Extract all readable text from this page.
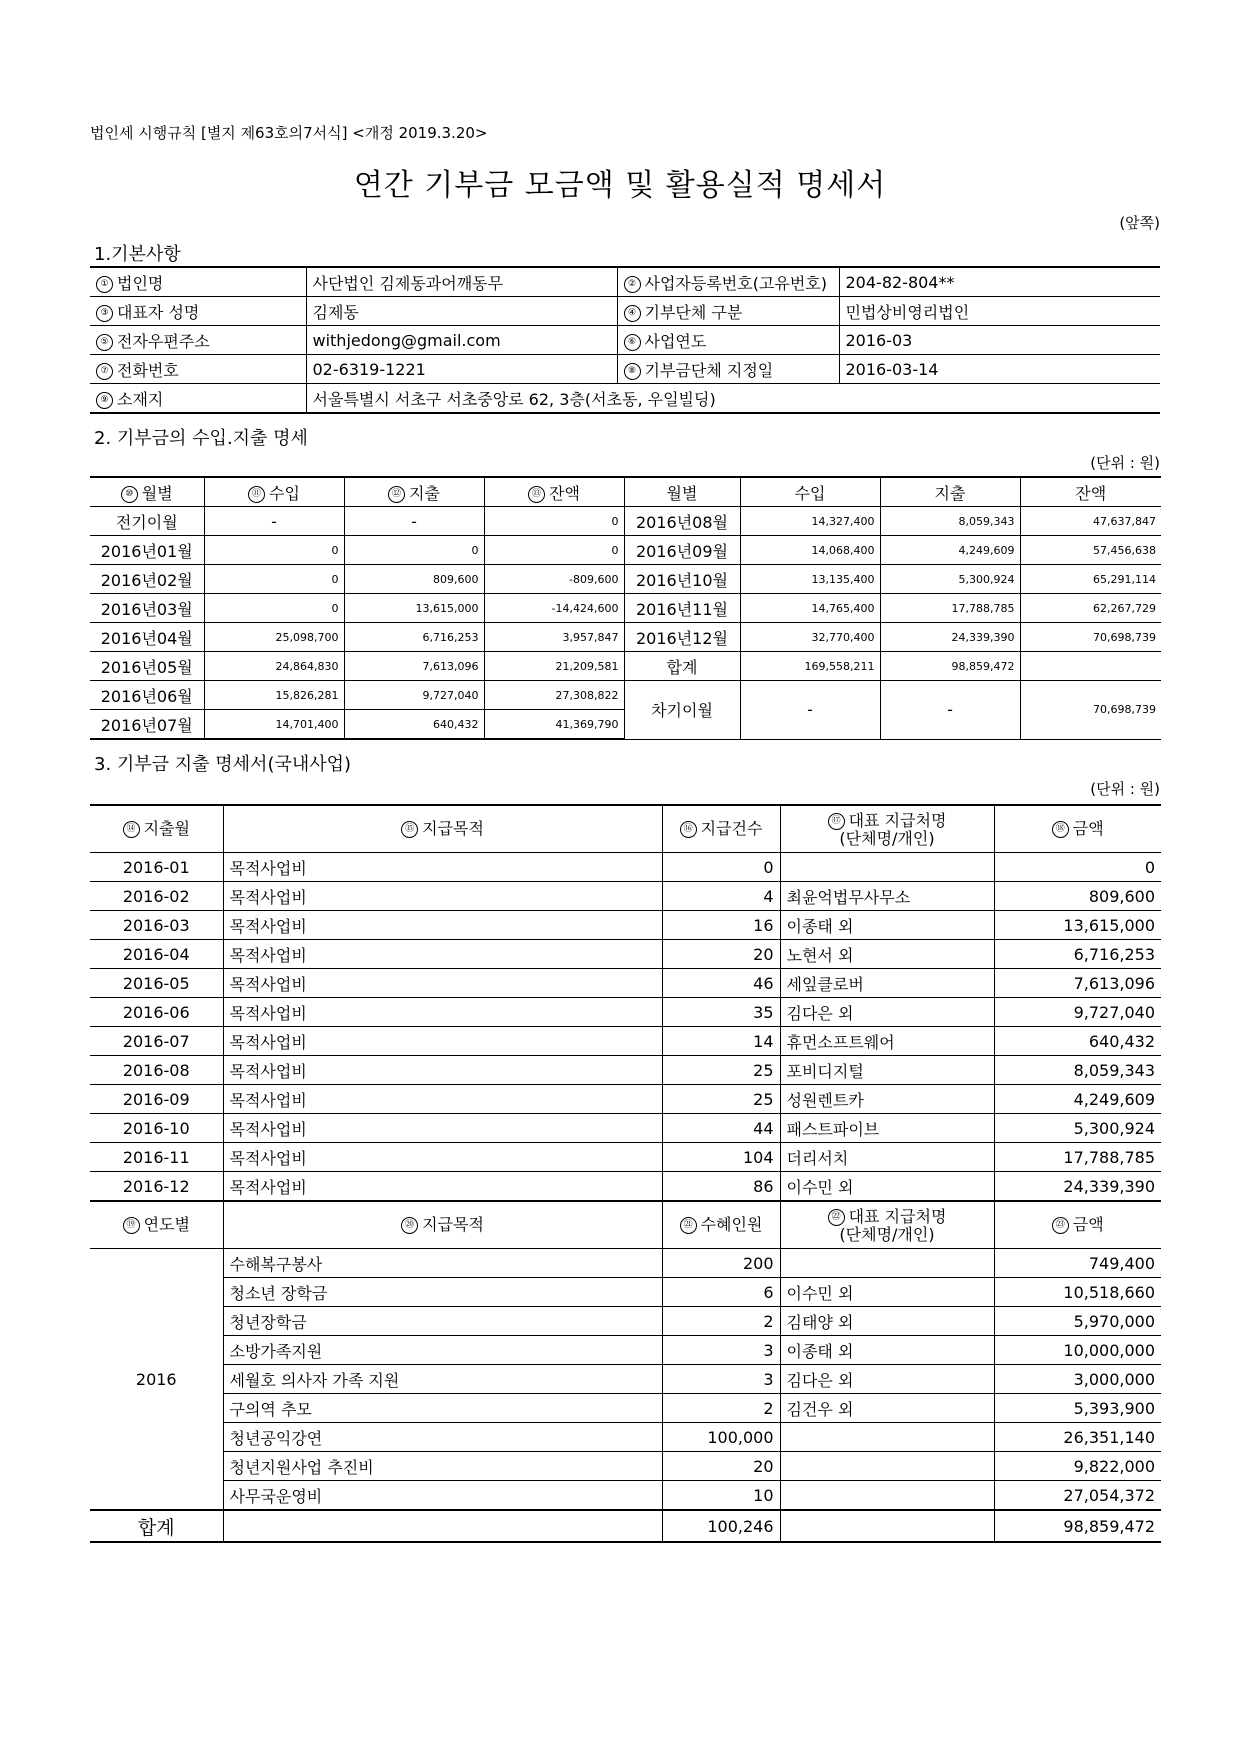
법인세 시행규칙 [별지 제63호의7서식] <개정 2019.3.20>
연간 기부금 모금액 및 활용실적 명세서
(앞쪽)
1.기본사항
① 법인명	사단법인 김제동과어깨동무	② 사업자등록번호(고유번호)	204-82-804**
③ 대표자 성명	김제동	④ 기부단체 구분	민법상비영리법인
⑤ 전자우편주소	withjedong@gmail.com	⑥ 사업연도	2016-03
⑦ 전화번호	02-6319-1221	⑧ 기부금단체 지정일	2016-03-14
⑨ 소재지	서울특별시 서초구 서초중앙로 62, 3층(서초동, 우일빌딩)		
2. 기부금의 수입.지출 명세
(단위 : 원)
⑩ 월별	⑪ 수입	⑫ 지출	⑬ 잔액	월별	수입	지출	잔액
전기이월	-	-	0	2016년08월	14,327,400	8,059,343	47,637,847
2016년01월	0	0	0	2016년09월	14,068,400	4,249,609	57,456,638
2016년02월	0	809,600	-809,600	2016년10월	13,135,400	5,300,924	65,291,114
2016년03월	0	13,615,000	-14,424,600	2016년11월	14,765,400	17,788,785	62,267,729
2016년04월	25,098,700	6,716,253	3,957,847	2016년12월	32,770,400	24,339,390	70,698,739
2016년05월	24,864,830	7,613,096	21,209,581	합계	169,558,211	98,859,472	
2016년06월	15,826,281	9,727,040	27,308,822	차기이월	-	-	70,698,739
2016년07월	14,701,400	640,432	41,369,790				
3. 기부금 지출 명세서(국내사업)
(단위 : 원)
⑭ 지출월	⑮ 지급목적	⑯ 지급건수	⑰ 대표 지급처명
(단체명/개인)	⑱ 금액
2016-01	목적사업비	0		0
2016-02	목적사업비	4	최윤억법무사무소	809,600
2016-03	목적사업비	16	이종태 외	13,615,000
2016-04	목적사업비	20	노현서 외	6,716,253
2016-05	목적사업비	46	세잎클로버	7,613,096
2016-06	목적사업비	35	김다은 외	9,727,040
2016-07	목적사업비	14	휴먼소프트웨어	640,432
2016-08	목적사업비	25	포비디지털	8,059,343
2016-09	목적사업비	25	성원렌트카	4,249,609
2016-10	목적사업비	44	패스트파이브	5,300,924
2016-11	목적사업비	104	더리서치	17,788,785
2016-12	목적사업비	86	이수민 외	24,339,390
⑲ 연도별	⑳ 지급목적	㉑ 수혜인원	㉒ 대표 지급처명
(단체명/개인)	㉓ 금액
2016	수해복구봉사	200		749,400
	청소년 장학금	6	이수민 외	10,518,660
	청년장학금	2	김태양 외	5,970,000
	소방가족지원	3	이종태 외	10,000,000
	세월호 의사자 가족 지원	3	김다은 외	3,000,000
	구의역 추모	2	김건우 외	5,393,900
	청년공익강연	100,000		26,351,140
	청년지원사업 추진비	20		9,822,000
	사무국운영비	10		27,054,372
합계		100,246		98,859,472
